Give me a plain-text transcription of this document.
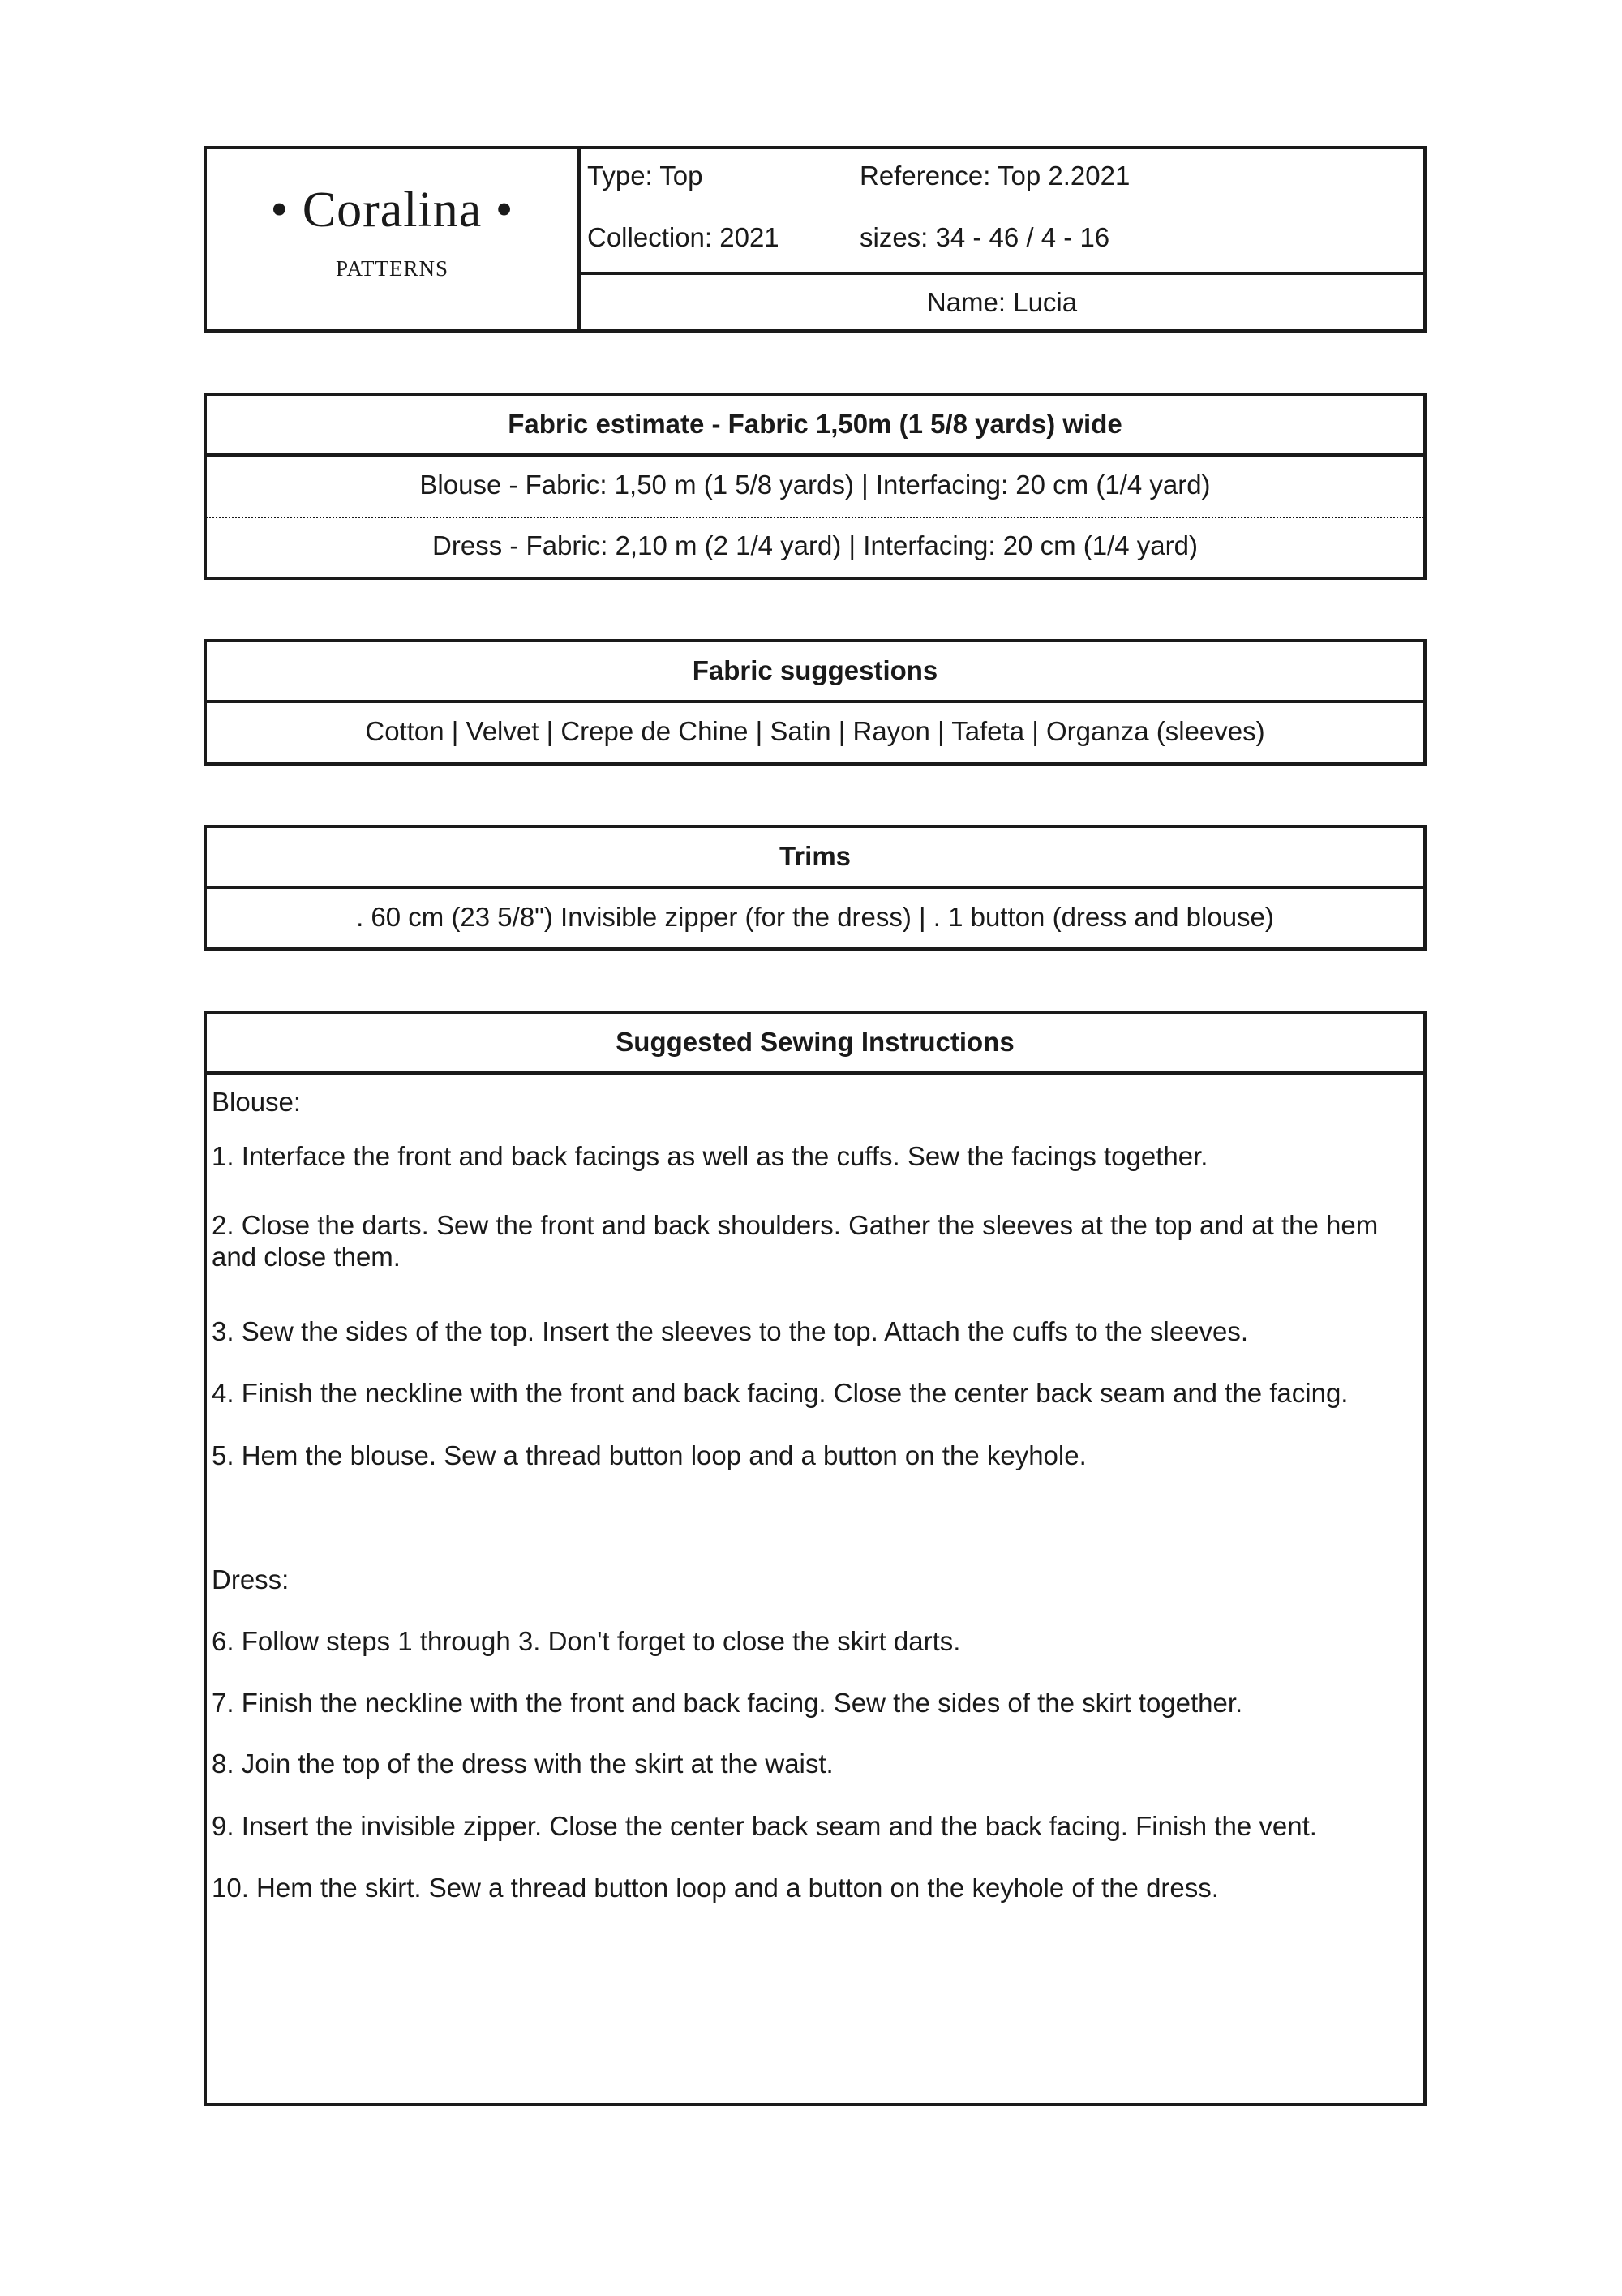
• Coralina •
PATTERNS
Type: Top	Reference: Top 2.2021
Collection: 2021	sizes: 34 - 46 / 4 - 16
Name: Lucia
Fabric estimate - Fabric 1,50m (1 5/8 yards) wide
Blouse - Fabric: 1,50 m (1 5/8 yards) | Interfacing: 20 cm (1/4 yard)
Dress - Fabric: 2,10 m (2 1/4 yard) | Interfacing: 20 cm (1/4 yard)
Fabric suggestions
Cotton | Velvet | Crepe de Chine | Satin | Rayon | Tafeta | Organza (sleeves)
Trims
. 60 cm (23 5/8") Invisible zipper (for the dress) | . 1 button (dress and blouse)
Suggested Sewing Instructions
Blouse:
1. Interface the front and back facings as well as the cuffs. Sew the facings together.
2. Close the darts. Sew the front and back shoulders. Gather the sleeves at the top and at the hem and close them.
3. Sew the sides of the top. Insert the sleeves to the top. Attach the cuffs to the sleeves.
4. Finish the neckline with the front and back facing. Close the center back seam and the facing.
5. Hem the blouse. Sew a thread button loop and a button on the keyhole.
Dress:
6. Follow steps 1 through 3. Don't forget to close the skirt darts.
7. Finish the neckline with the front and back facing. Sew the sides of the skirt together.
8. Join the top of the dress with the skirt at the waist.
9. Insert the invisible zipper. Close the center back seam and the back facing. Finish the vent.
10. Hem the skirt. Sew a thread button loop and a button on the keyhole of the dress.
